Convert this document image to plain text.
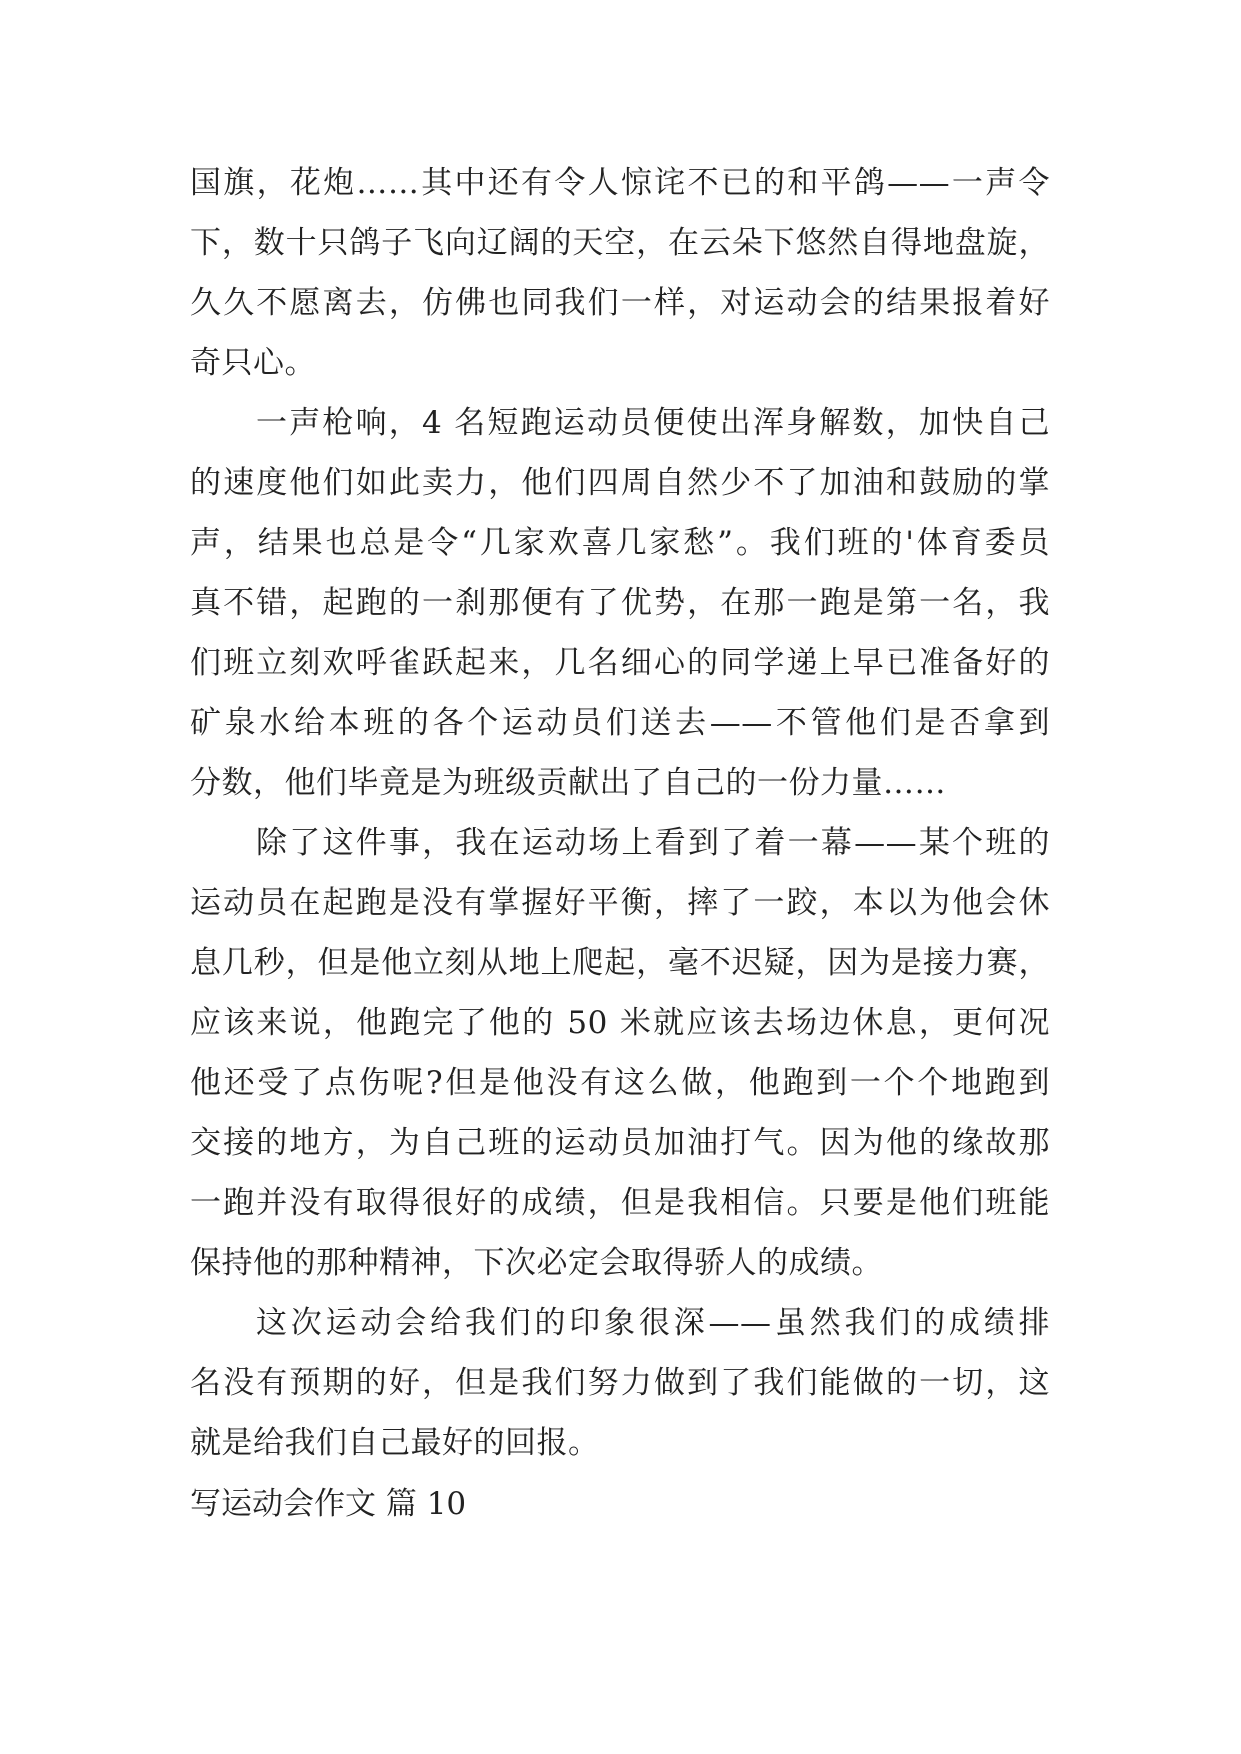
国旗，花炮……其中还有令人惊诧不已的和平鸽——一声令
下，数十只鸽子飞向辽阔的天空，在云朵下悠然自得地盘旋，
久久不愿离去，仿佛也同我们一样，对运动会的结果报着好
奇只心。
一声枪响，4 名短跑运动员便使出浑身解数，加快自己
的速度他们如此卖力，他们四周自然少不了加油和鼓励的掌
声，结果也总是令“几家欢喜几家愁”。我们班的'体育委员
真不错，起跑的一刹那便有了优势，在那一跑是第一名，我
们班立刻欢呼雀跃起来，几名细心的同学递上早已准备好的
矿泉水给本班的各个运动员们送去——不管他们是否拿到
分数，他们毕竟是为班级贡献出了自己的一份力量……
除了这件事，我在运动场上看到了着一幕——某个班的
运动员在起跑是没有掌握好平衡，摔了一跤，本以为他会休
息几秒，但是他立刻从地上爬起，毫不迟疑，因为是接力赛，
应该来说，他跑完了他的 50 米就应该去场边休息，更何况
他还受了点伤呢?但是他没有这么做，他跑到一个个地跑到
交接的地方，为自己班的运动员加油打气。因为他的缘故那
一跑并没有取得很好的成绩，但是我相信。只要是他们班能
保持他的那种精神，下次必定会取得骄人的成绩。
这次运动会给我们的印象很深——虽然我们的成绩排
名没有预期的好，但是我们努力做到了我们能做的一切，这
就是给我们自己最好的回报。
写运动会作文 篇 10
